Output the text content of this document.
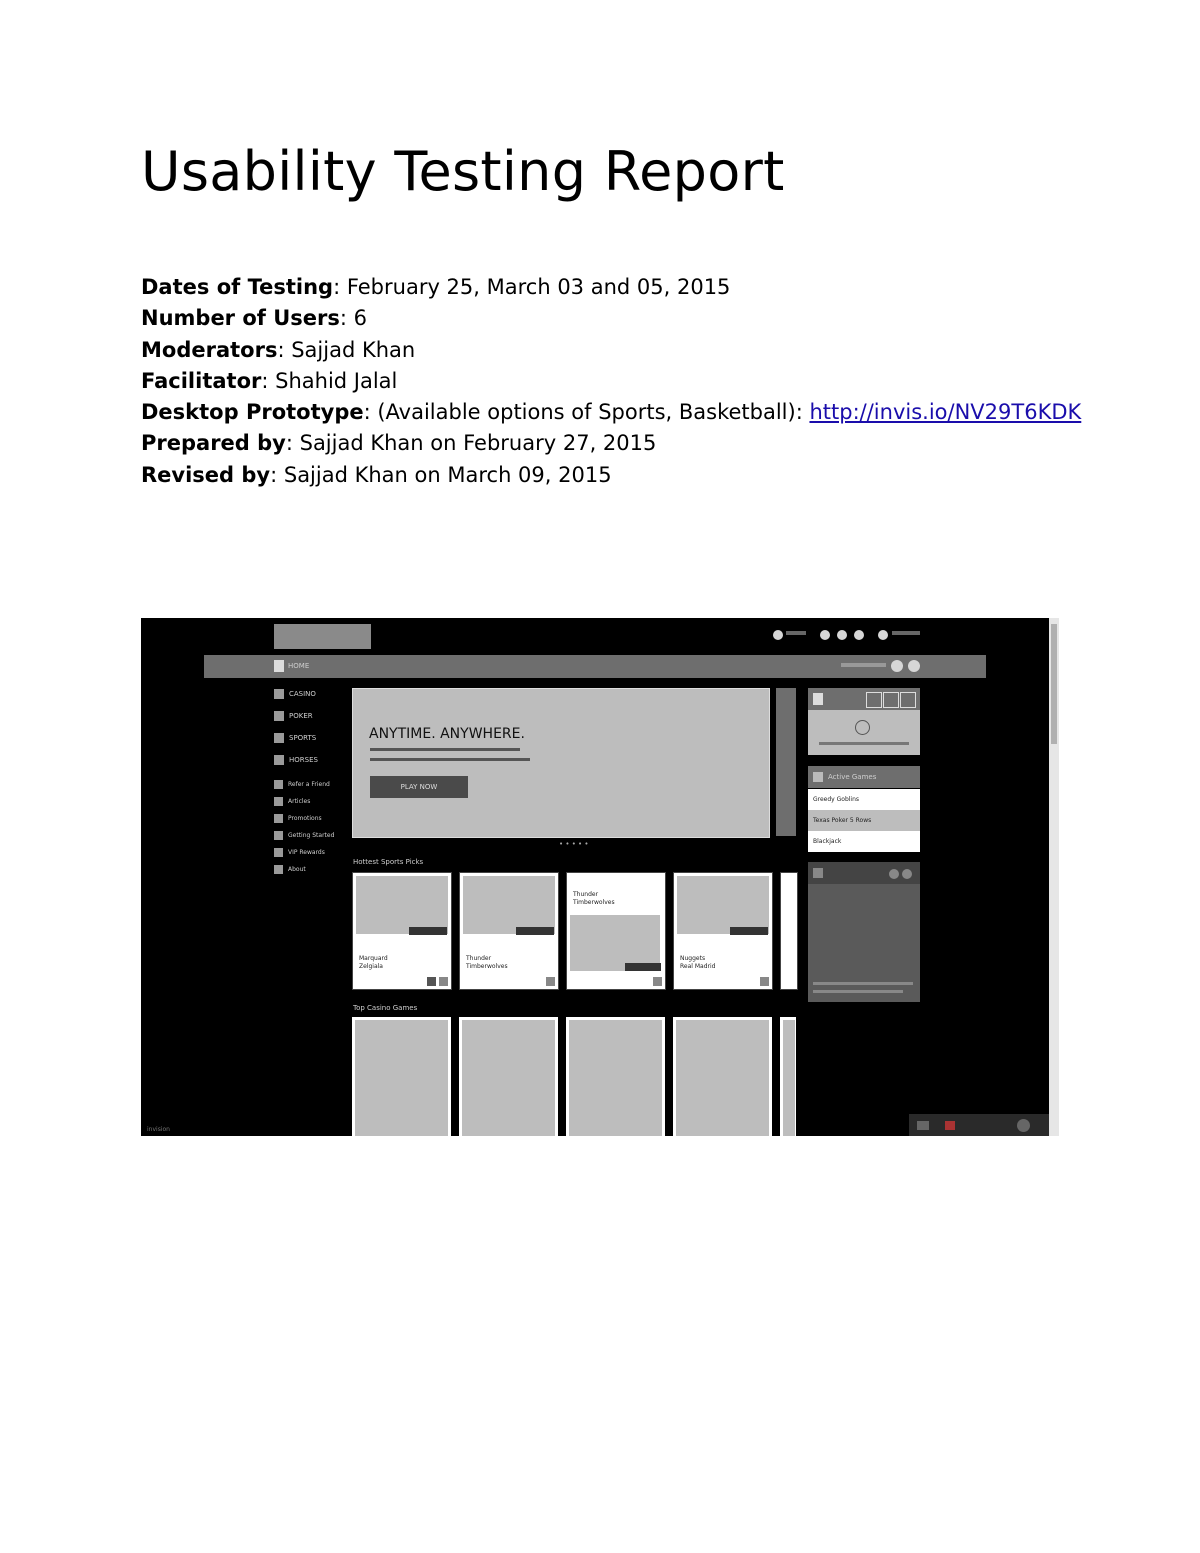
Usability Testing Report
Dates of Testing: February 25, March 03 and 05, 2015
Number of Users: 6
Moderators: Sajjad Khan
Facilitator: Shahid Jalal
Desktop Prototype: (Available options of Sports, Basketball): http://invis.io/NV29T6KDK
Prepared by: Sajjad Khan on February 27, 2015
Revised by: Sajjad Khan on March 09, 2015
HOME
CASINO
POKER
SPORTS
HORSES
Refer a Friend
Articles
Promotions
Getting Started
VIP Rewards
About
ANYTIME. ANYWHERE.
PLAY NOW
• • • • •
Active Games
Greedy Goblins
Texas Poker 5 Rows
Blackjack
Hottest Sports Picks
Marquard
Zelgiala
Thunder
Timberwolves
Thunder
Timberwolves
Nuggets
Real Madrid
Top Casino Games
invision
